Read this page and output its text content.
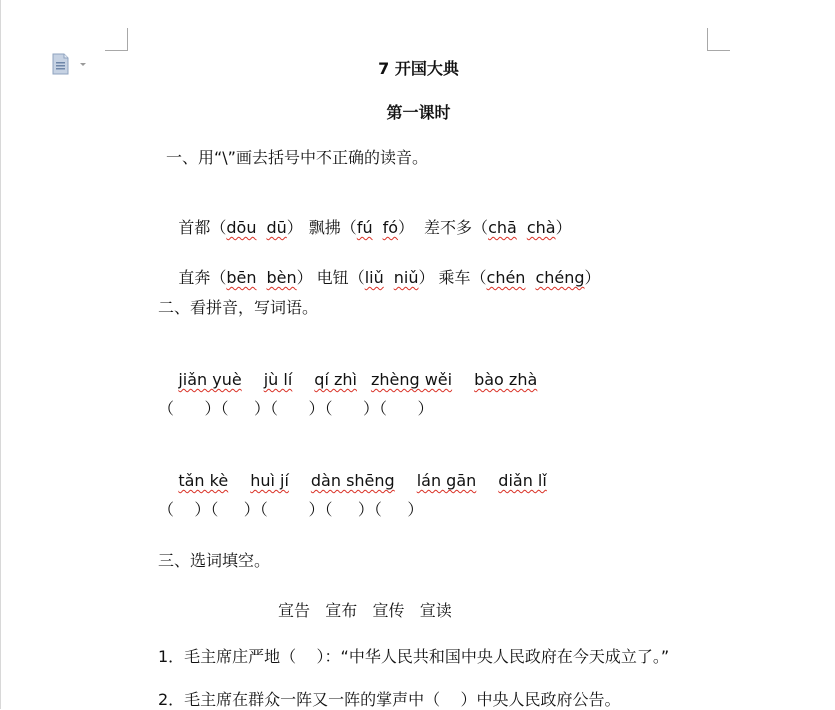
7 开国大典
第一课时
一、用“\”画去括号中不正确的读音。

首都（dōu dū） 飘拂（fú fó） 差不多（chā chà）

直奔（bēn bèn） 电钮（liǔ niǔ） 乘车（chén chéng）

二、看拼音，写词语。

jiǎn yuè jù lí qí zhì zhèng wěi bào zhà

（      ）（     ）（      ）（      ）（      ）

tǎn kè huì jí dàn shēng lán gān diǎn lǐ

（    ）（     ）（        ）（     ）（     ）
三、选词填空。
宣告   宣布   宣传   宣读
1．毛主席庄严地（    ）：“中华人民共和国中央人民政府在今天成立了。”
2．毛主席在群众一阵又一阵的掌声中（    ）中央人民政府公告。
